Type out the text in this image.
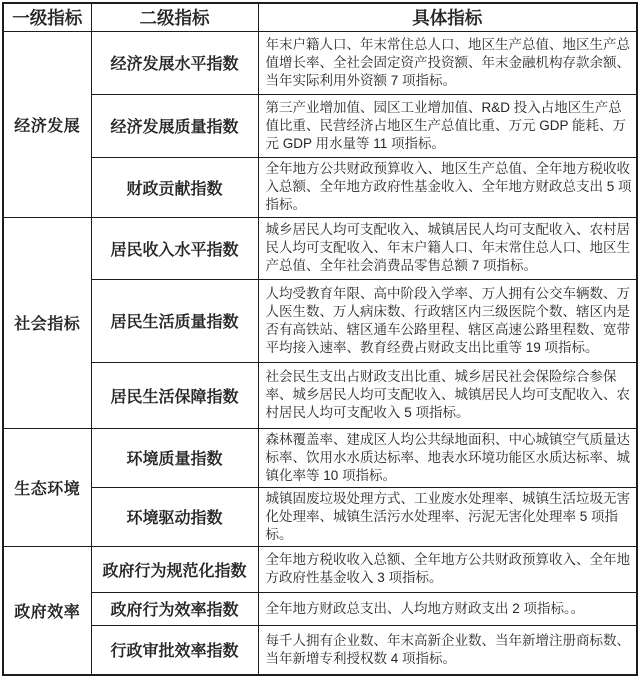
一级指标	二级指标	具体指标
经济发展	经济发展水平指数	年末户籍人口、年末常住总人口、地区生产总值、地区生产总值增长率、全社会固定资产投资额、年末金融机构存款余额、当年实际利用外资额 7 项指标。
	经济发展质量指数	第三产业增加值、园区工业增加值、R&D 投入占地区生产总值比重、民营经济占地区生产总值比重、万元 GDP 能耗、万元 GDP 用水量等 11 项指标。
	财政贡献指数	全年地方公共财政预算收入、地区生产总值、全年地方税收收入总额、全年地方政府性基金收入、全年地方财政总支出 5 项指标。
社会指标	居民收入水平指数	城乡居民人均可支配收入、城镇居民人均可支配收入、农村居民人均可支配收入、年末户籍人口、年末常住总人口、地区生产总值、全年社会消费品零售总额 7 项指标。
	居民生活质量指数	人均受教育年限、高中阶段入学率、万人拥有公交车辆数、万人医生数、万人病床数、行政辖区内三级医院个数、辖区内是否有高铁站、辖区通车公路里程、辖区高速公路里程数、宽带平均接入速率、教育经费占财政支出比重等 19 项指标。
	居民生活保障指数	社会民生支出占财政支出比重、城乡居民社会保险综合参保率、城乡居民人均可支配收入、城镇居民人均可支配收入、农村居民人均可支配收入 5 项指标。
生态环境	环境质量指数	森林覆盖率、建成区人均公共绿地面积、中心城镇空气质量达标率、饮用水水质达标率、地表水环境功能区水质达标率、城镇化率等 10 项指标。
	环境驱动指数	城镇固废垃圾处理方式、工业废水处理率、城镇生活垃圾无害化处理率、城镇生活污水处理率、污泥无害化处理率 5 项指标。
政府效率	政府行为规范化指数	全年地方税收收入总额、全年地方公共财政预算收入、全年地方政府性基金收入 3 项指标。
	政府行为效率指数	全年地方财政总支出、人均地方财政支出 2 项指标。。
	行政审批效率指数	每千人拥有企业数、年末高新企业数、当年新增注册商标数、当年新增专利授权数 4 项指标。
